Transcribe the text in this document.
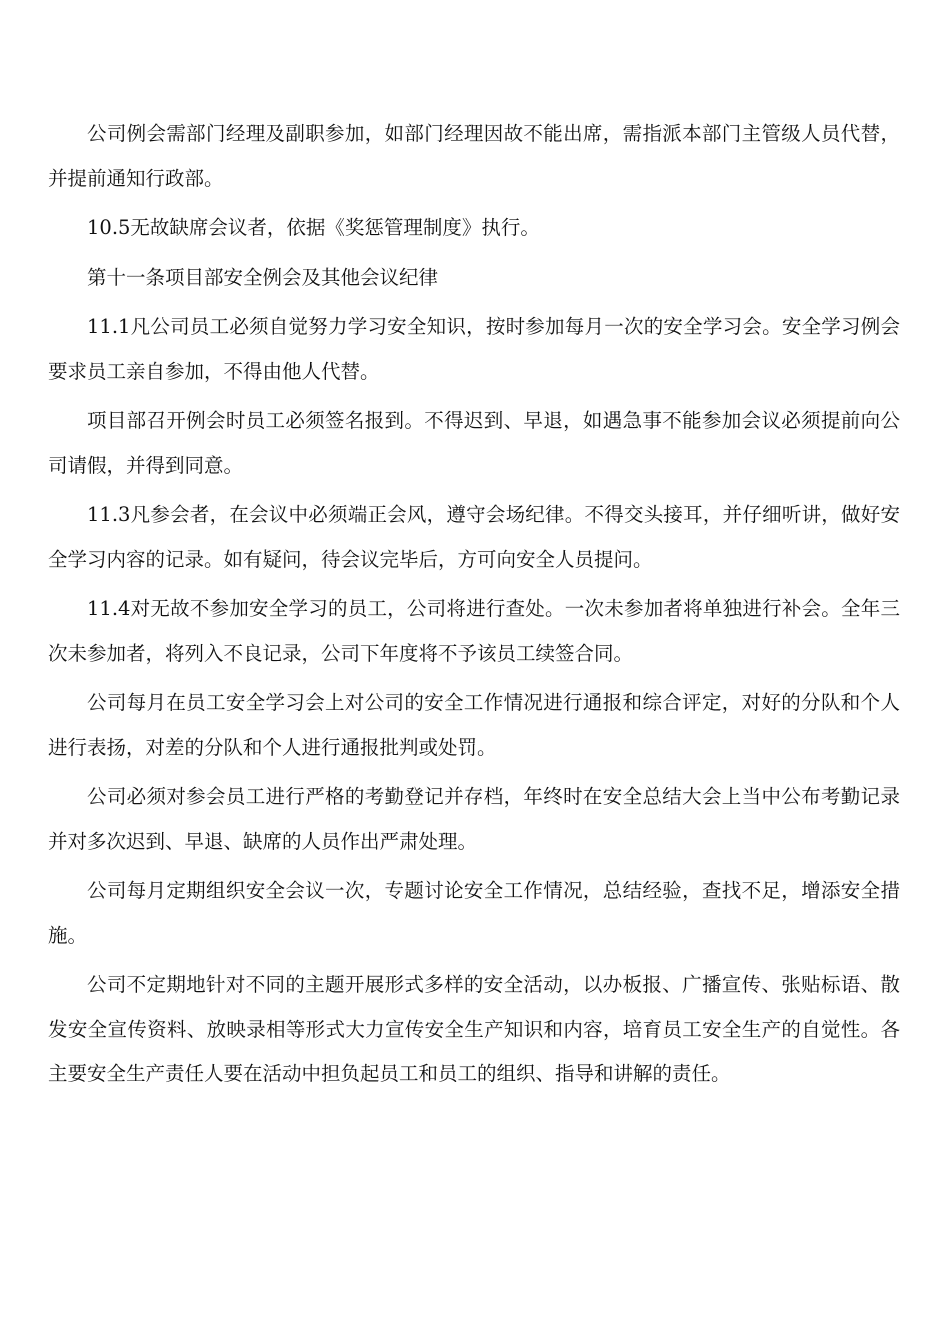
公司例会需部门经理及副职参加，如部门经理因故不能出席，需指派本部门主管级人员代替，并提前通知行政部。

10.5无故缺席会议者，依据《奖惩管理制度》执行。

第十一条项目部安全例会及其他会议纪律

11.1凡公司员工必须自觉努力学习安全知识，按时参加每月一次的安全学习会。安全学习例会要求员工亲自参加，不得由他人代替。

项目部召开例会时员工必须签名报到。不得迟到、早退，如遇急事不能参加会议必须提前向公司请假，并得到同意。

11.3凡参会者，在会议中必须端正会风，遵守会场纪律。不得交头接耳，并仔细听讲，做好安全学习内容的记录。如有疑问，待会议完毕后，方可向安全人员提问。

11.4对无故不参加安全学习的员工，公司将进行查处。一次未参加者将单独进行补会。全年三次未参加者，将列入不良记录，公司下年度将不予该员工续签合同。

公司每月在员工安全学习会上对公司的安全工作情况进行通报和综合评定，对好的分队和个人进行表扬，对差的分队和个人进行通报批判或处罚。

公司必须对参会员工进行严格的考勤登记并存档，年终时在安全总结大会上当中公布考勤记录并对多次迟到、早退、缺席的人员作出严肃处理。

公司每月定期组织安全会议一次，专题讨论安全工作情况，总结经验，查找不足，增添安全措施。

公司不定期地针对不同的主题开展形式多样的安全活动，以办板报、广播宣传、张贴标语、散发安全宣传资料、放映录相等形式大力宣传安全生产知识和内容，培育员工安全生产的自觉性。各主要安全生产责任人要在活动中担负起员工和员工的组织、指导和讲解的责任。
